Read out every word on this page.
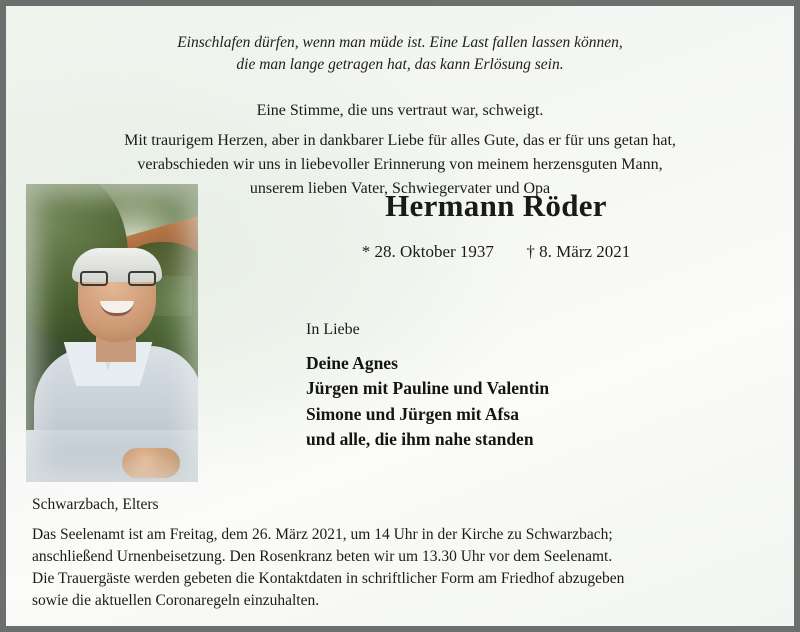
Einschlafen dürfen, wenn man müde ist. Eine Last fallen lassen können,
die man lange getragen hat, das kann Erlösung sein.
Eine Stimme, die uns vertraut war, schweigt.
Mit traurigem Herzen, aber in dankbarer Liebe für alles Gute, das er für uns getan hat,
verabschieden wir uns in liebevoller Erinnerung von meinem herzensguten Mann,
unserem lieben Vater, Schwiegervater und Opa
Hermann Röder
* 28. Oktober 1937 † 8. März 2021
In Liebe
Deine Agnes
Jürgen mit Pauline und Valentin
Simone und Jürgen mit Afsa
und alle, die ihm nahe standen
Schwarzbach, Elters
Das Seelenamt ist am Freitag, dem 26. März 2021, um 14 Uhr in der Kirche zu Schwarzbach;
anschließend Urnenbeisetzung. Den Rosenkranz beten wir um 13.30 Uhr vor dem Seelenamt.
Die Trauergäste werden gebeten die Kontaktdaten in schriftlicher Form am Friedhof abzugeben
sowie die aktuellen Coronaregeln einzuhalten.
